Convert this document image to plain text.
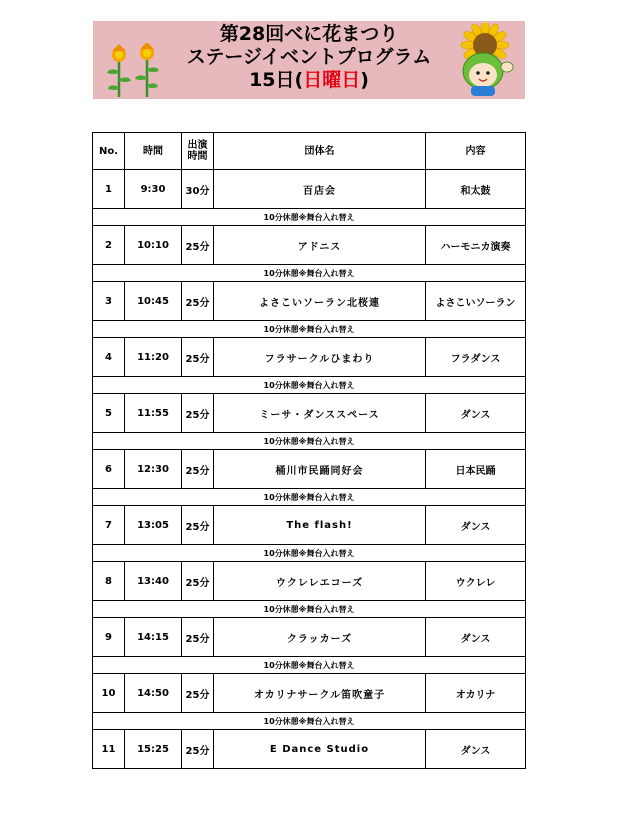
第28回べに花まつり
ステージイベントプログラム
15日(日曜日)
No.	時間	出演時間	団体名	内容
1	9:30	30分	百店会	和太鼓
10分休憩※舞台入れ替え				
2	10:10	25分	アドニス	ハーモニカ演奏
10分休憩※舞台入れ替え				
3	10:45	25分	よさこいソーラン北桜連	よさこいソーラン
10分休憩※舞台入れ替え				
4	11:20	25分	フラサークルひまわり	フラダンス
10分休憩※舞台入れ替え				
5	11:55	25分	ミーサ・ダンススペース	ダンス
10分休憩※舞台入れ替え				
6	12:30	25分	桶川市民踊同好会	日本民踊
10分休憩※舞台入れ替え				
7	13:05	25分	The flash!	ダンス
10分休憩※舞台入れ替え				
8	13:40	25分	ウクレレエコーズ	ウクレレ
10分休憩※舞台入れ替え				
9	14:15	25分	クラッカーズ	ダンス
10分休憩※舞台入れ替え				
10	14:50	25分	オカリナサークル笛吹童子	オカリナ
10分休憩※舞台入れ替え				
11	15:25	25分	E Dance Studio	ダンス
